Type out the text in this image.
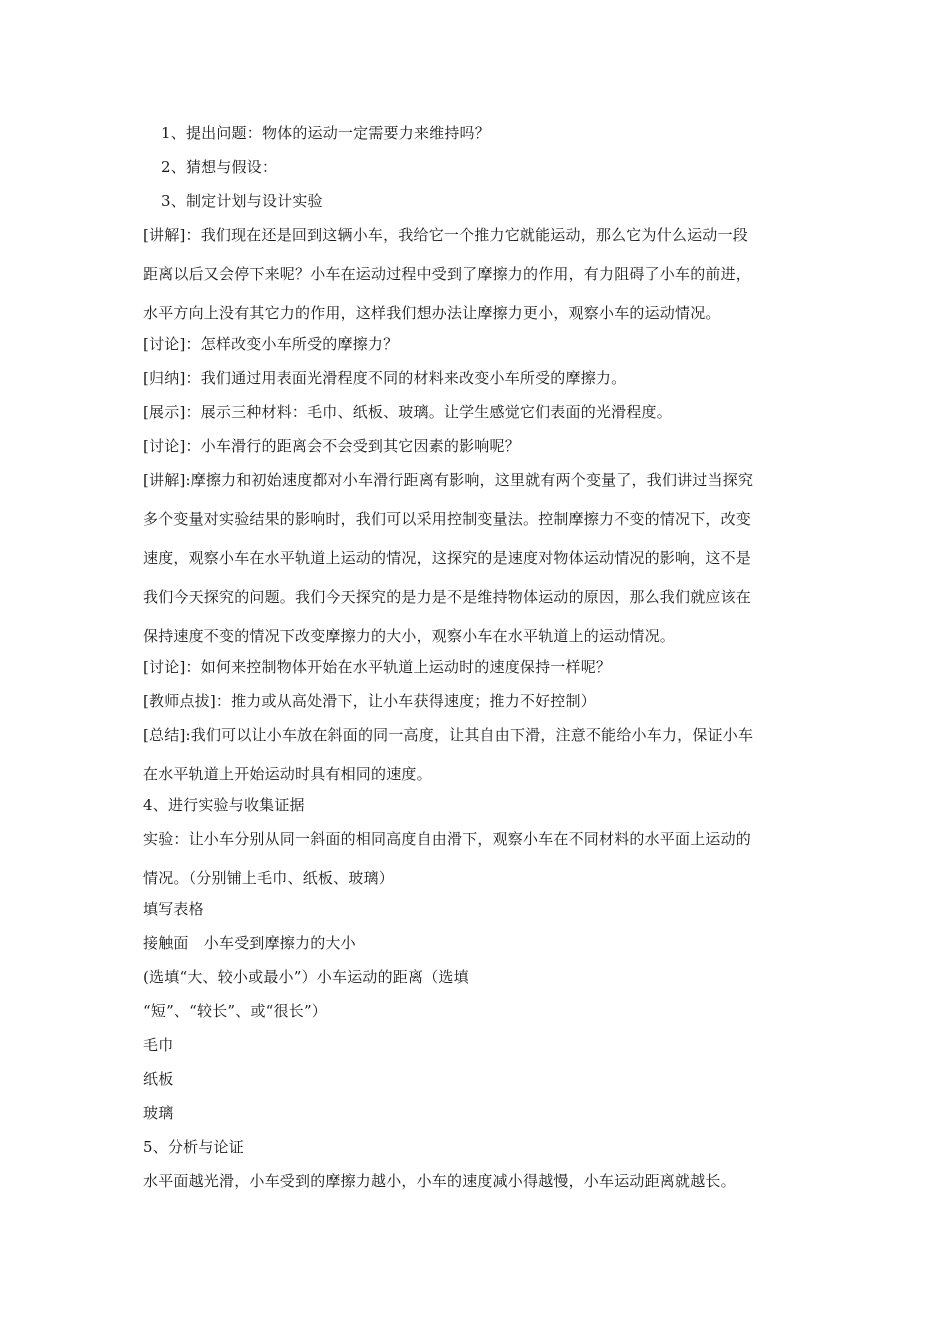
1、提出问题：物体的运动一定需要力来维持吗？

2、猜想与假设：

3、制定计划与设计实验

[讲解]：我们现在还是回到这辆小车，我给它一个推力它就能运动，那么它为什么运动一段

距离以后又会停下来呢？小车在运动过程中受到了摩擦力的作用，有力阻碍了小车的前进，

水平方向上没有其它力的作用，这样我们想办法让摩擦力更小，观察小车的运动情况。

[讨论]：怎样改变小车所受的摩擦力？

[归纳]：我们通过用表面光滑程度不同的材料来改变小车所受的摩擦力。

[展示]：展示三种材料：毛巾、纸板、玻璃。让学生感觉它们表面的光滑程度。

[讨论]：小车滑行的距离会不会受到其它因素的影响呢？

[讲解]:摩擦力和初始速度都对小车滑行距离有影响，这里就有两个变量了，我们讲过当探究

多个变量对实验结果的影响时，我们可以采用控制变量法。控制摩擦力不变的情况下，改变

速度，观察小车在水平轨道上运动的情况，这探究的是速度对物体运动情况的影响，这不是

我们今天探究的问题。我们今天探究的是力是不是维持物体运动的原因，那么我们就应该在

保持速度不变的情况下改变摩擦力的大小，观察小车在水平轨道上的运动情况。

[讨论]：如何来控制物体开始在水平轨道上运动时的速度保持一样呢？

[教师点拔]：推力或从高处滑下，让小车获得速度；推力不好控制）

[总结]:我们可以让小车放在斜面的同一高度，让其自由下滑，注意不能给小车力，保证小车

在水平轨道上开始运动时具有相同的速度。

4、进行实验与收集证据

实验：让小车分别从同一斜面的相同高度自由滑下，观察小车在不同材料的水平面上运动的

情况。（分别铺上毛巾、纸板、玻璃）

填写表格

接触面　小车受到摩擦力的大小

(选填“大、较小或最小”）小车运动的距离（选填

“短”、“较长”、或“很长”）

毛巾

纸板

玻璃

5、分析与论证

水平面越光滑，小车受到的摩擦力越小，小车的速度减小得越慢，小车运动距离就越长。
